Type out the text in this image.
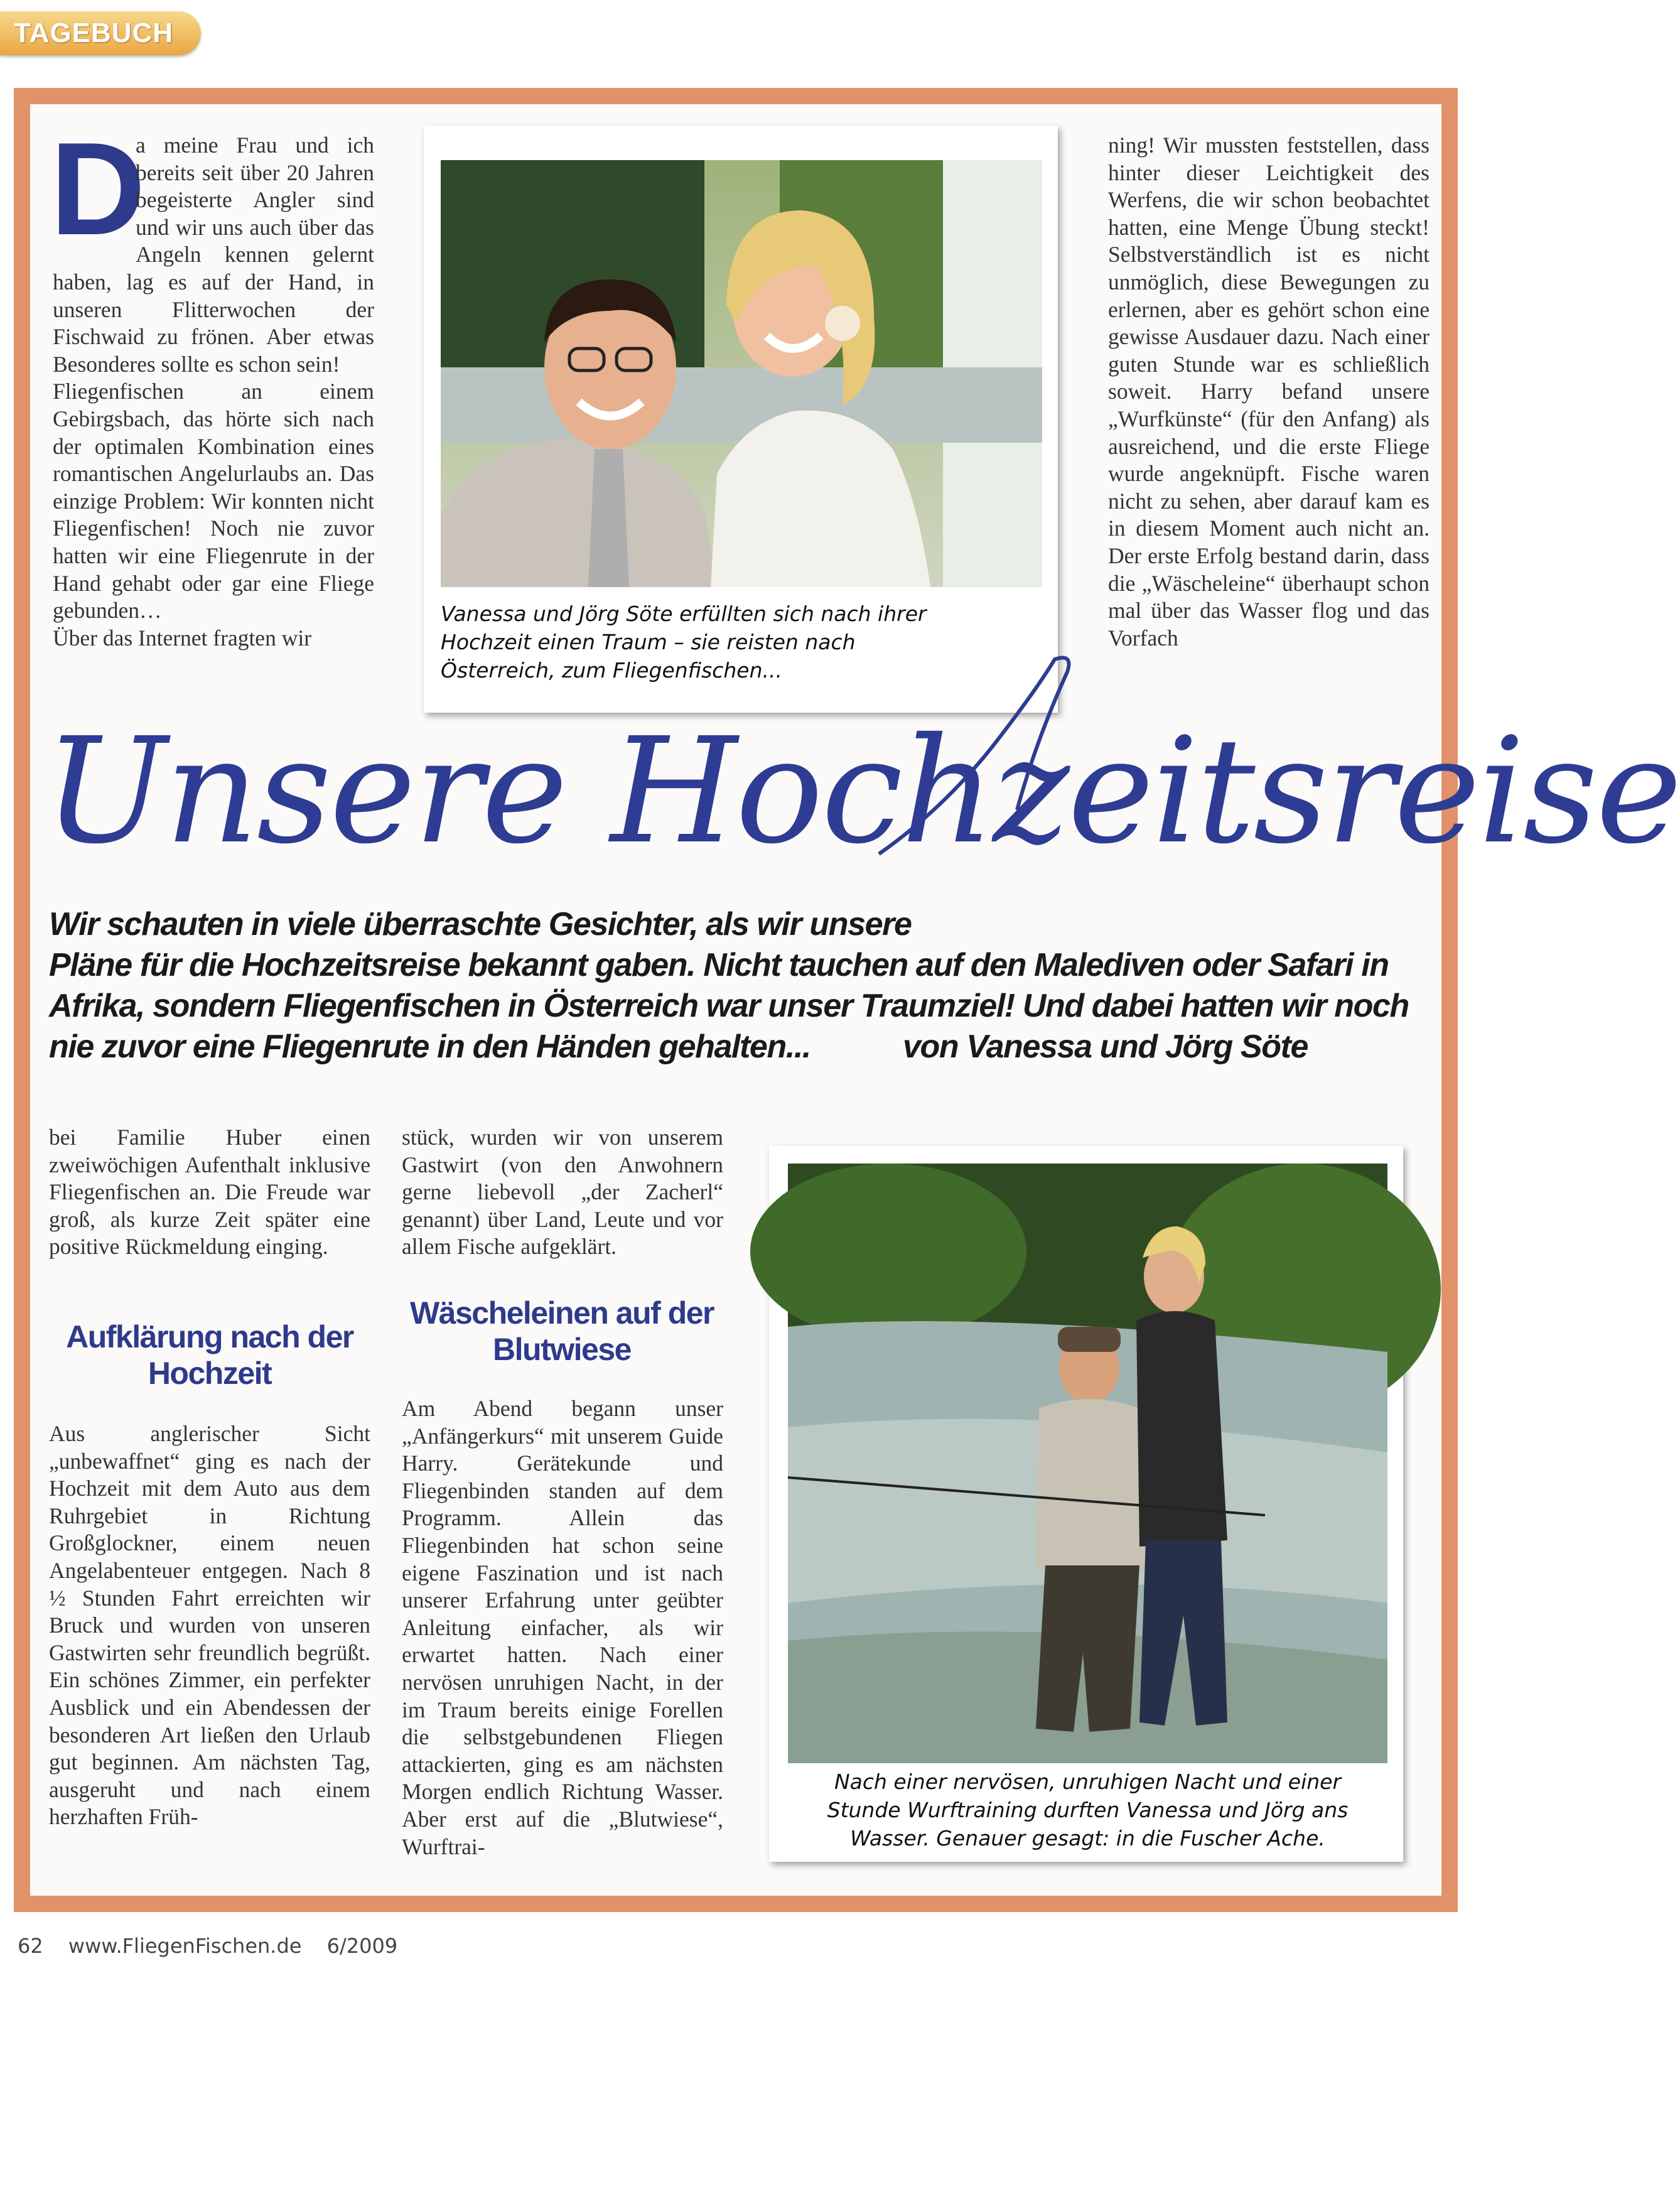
TAGEBUCH
D

a meine Frau und ich bereits seit über 20 Jahren begeisterte Angler sind und wir uns auch über das Angeln kennen gelernt haben, lag es auf der Hand, in unseren Flitterwochen der Fischwaid zu frönen. Aber etwas Besonderes sollte es schon sein!

Fliegenfischen an einem Gebirgsbach, das hörte sich nach der optimalen Kombination eines romantischen Angelurlaubs an. Das einzige Problem: Wir konnten nicht Fliegenfischen! Noch nie zuvor hatten wir eine Fliegenrute in der Hand gehabt oder gar eine Fliege gebunden…

Über das Internet fragten wir

Vanessa und Jörg Söte erfüllten sich nach ihrer
Hochzeit einen Traum – sie reisten nach
Österreich, zum Fliegenfischen...

ning! Wir mussten feststellen, dass hinter dieser Leichtigkeit des Werfens, die wir schon beobachtet hatten, eine Menge Übung steckt! Selbstverständlich ist es nicht unmöglich, diese Bewegungen zu erlernen, aber es gehört schon eine gewisse Ausdauer dazu. Nach einer guten Stunde war es schließlich soweit. Harry befand unsere „Wurfkünste“ (für den Anfang) als ausreichend, und die erste Fliege wurde angeknüpft. Fische waren nicht zu sehen, aber darauf kam es in diesem Moment auch nicht an. Der erste Erfolg bestand darin, dass die „Wäscheleine“ überhaupt schon mal über das Wasser flog und das Vorfach

Unsere Hochzeitsreise
Wir schauten in viele überraschte Gesichter, als wir unsere
Pläne für die Hochzeitsreise bekannt gaben. Nicht tauchen auf den Malediven oder Safari in
Afrika, sondern Fliegenfischen in Österreich war unser Traumziel! Und dabei hatten wir noch
nie zuvor eine Fliegenrute in den Händen gehalten...	von Vanessa und Jörg Söte

bei Familie Huber einen zweiwöchigen Aufenthalt inklusive Fliegenfischen an. Die Freude war groß, als kurze Zeit später eine positive Rückmeldung einging.

Aufklärung nach der Hochzeit

Aus anglerischer Sicht „unbewaffnet“ ging es nach der Hochzeit mit dem Auto aus dem Ruhrgebiet in Richtung Großglockner, einem neuen Angelabenteuer entgegen. Nach 8 ½ Stunden Fahrt erreichten wir Bruck und wurden von unseren Gastwirten sehr freundlich begrüßt. Ein schönes Zimmer, ein perfekter Ausblick und ein Abendessen der besonderen Art ließen den Urlaub gut beginnen. Am nächsten Tag, ausgeruht und nach einem herzhaften Früh-

stück, wurden wir von unserem Gastwirt (von den Anwohnern gerne liebevoll „der Zacherl“ genannt) über Land, Leute und vor allem Fische aufgeklärt.

Wäscheleinen auf der Blutwiese

Am Abend begann unser „Anfängerkurs“ mit unserem Guide Harry. Gerätekunde und Fliegenbinden standen auf dem Programm. Allein das Fliegenbinden hat schon seine eigene Faszination und ist nach unserer Erfahrung unter geübter Anleitung einfacher, als wir erwartet hatten. Nach einer nervösen unruhigen Nacht, in der im Traum bereits einige Forellen die selbstgebundenen Fliegen attackierten, ging es am nächsten Morgen endlich Richtung Wasser. Aber erst auf die „Blutwiese“, Wurftrai-

Nach einer nervösen, unruhigen Nacht und einer
Stunde Wurftraining durften Vanessa und Jörg ans
Wasser. Genauer gesagt: in die Fuscher Ache.
62 www.FliegenFischen.de 6/2009
